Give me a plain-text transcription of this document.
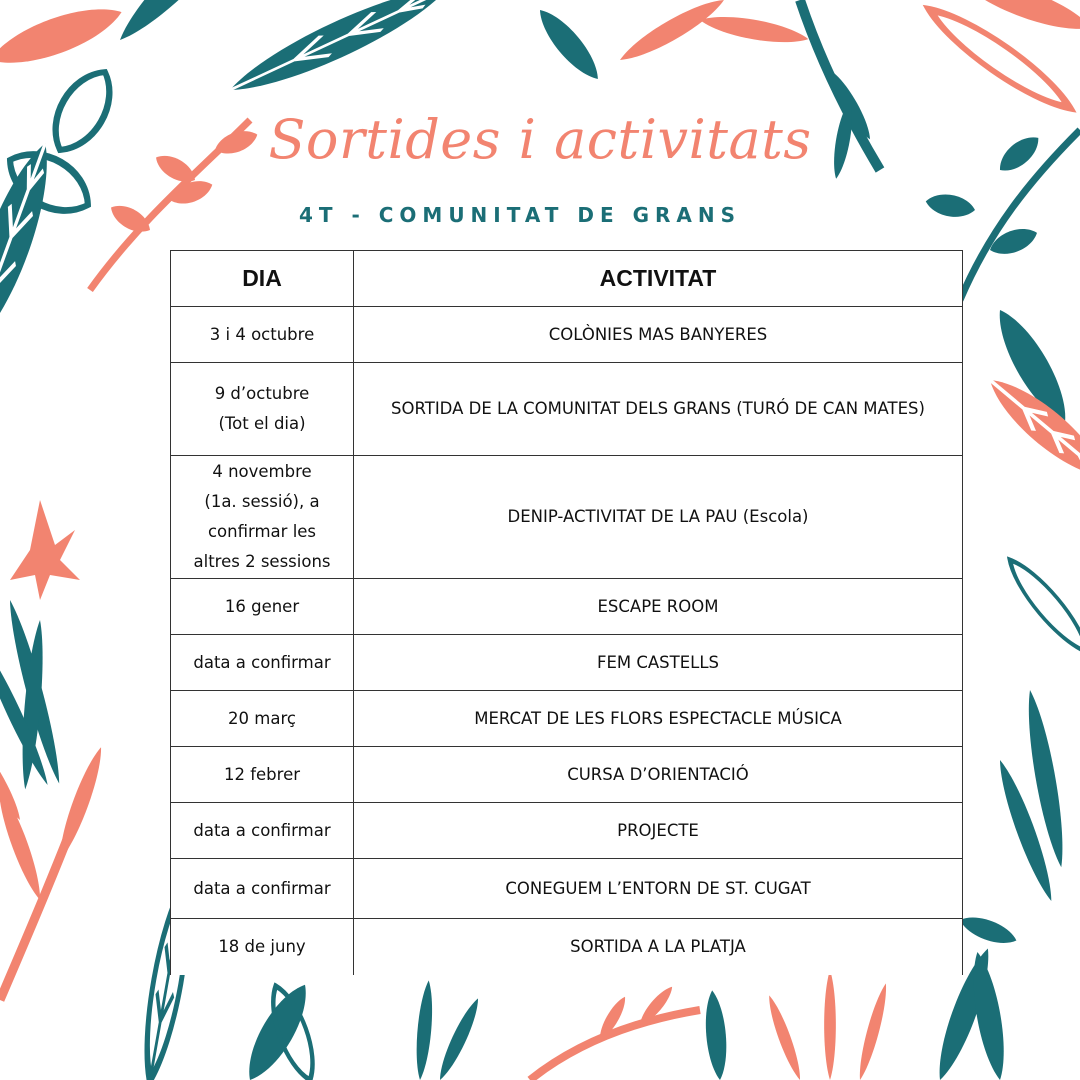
Sortides i activitats
4T - COMUNITAT DE GRANS
DIA	ACTIVITAT
3 i 4 octubre	COLÒNIES MAS BANYERES
9 d’octubre
(Tot el dia)	SORTIDA DE LA COMUNITAT DELS GRANS (TURÓ DE CAN MATES)
4 novembre
(1a. sessió), a
confirmar les
altres 2 sessions	DENIP-ACTIVITAT DE LA PAU (Escola)
16 gener	ESCAPE ROOM
data a confirmar	FEM CASTELLS
20 març	MERCAT DE LES FLORS ESPECTACLE MÚSICA
12 febrer	CURSA D’ORIENTACIÓ
data a confirmar	PROJECTE
data a confirmar	CONEGUEM L’ENTORN DE ST. CUGAT
18 de juny	SORTIDA A LA PLATJA
